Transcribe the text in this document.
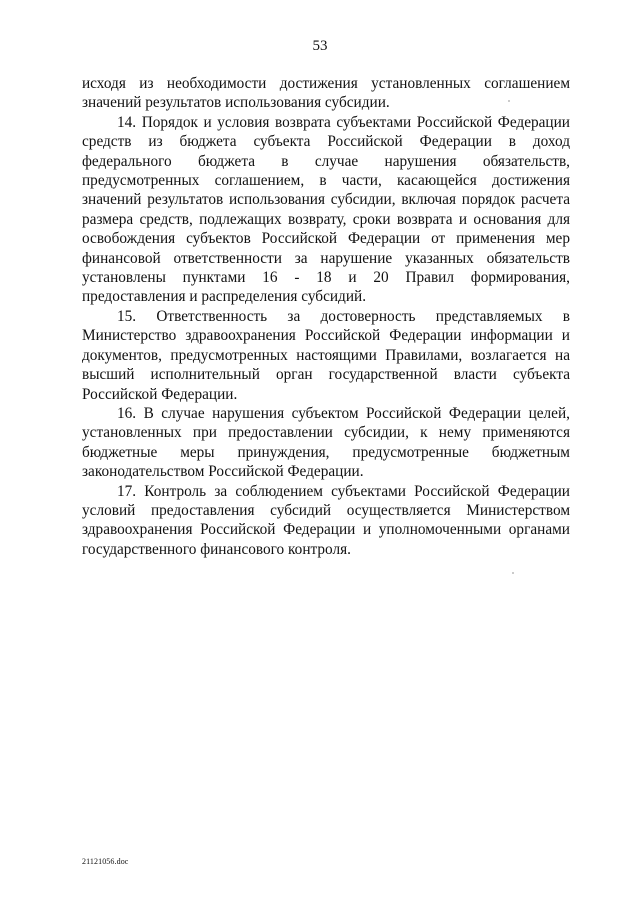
53

исходя из необходимости достижения установленных соглашением значений результатов использования субсидии.

14. Порядок и условия возврата субъектами Российской Федерации средств из бюджета субъекта Российской Федерации в доход федерального бюджета в случае нарушения обязательств, предусмотренных соглашением, в части, касающейся достижения значений результатов использования субсидии, включая порядок расчета размера средств, подлежащих возврату, сроки возврата и основания для освобождения субъектов Российской Федерации от применения мер финансовой ответственности за нарушение указанных обязательств установлены пунктами 16 - 18 и 20 Правил формирования, предоставления и распределения субсидий.

15. Ответственность за достоверность представляемых в Министерство здравоохранения Российской Федерации информации и документов, предусмотренных настоящими Правилами, возлагается на высший исполнительный орган государственной власти субъекта Российской Федерации.

16. В случае нарушения субъектом Российской Федерации целей, установленных при предоставлении субсидии, к нему применяются бюджетные меры принуждения, предусмотренные бюджетным законодательством Российской Федерации.

17. Контроль за соблюдением субъектами Российской Федерации условий предоставления субсидий осуществляется Министерством здравоохранения Российской Федерации и уполномоченными органами государственного финансового контроля.

21121056.doc
